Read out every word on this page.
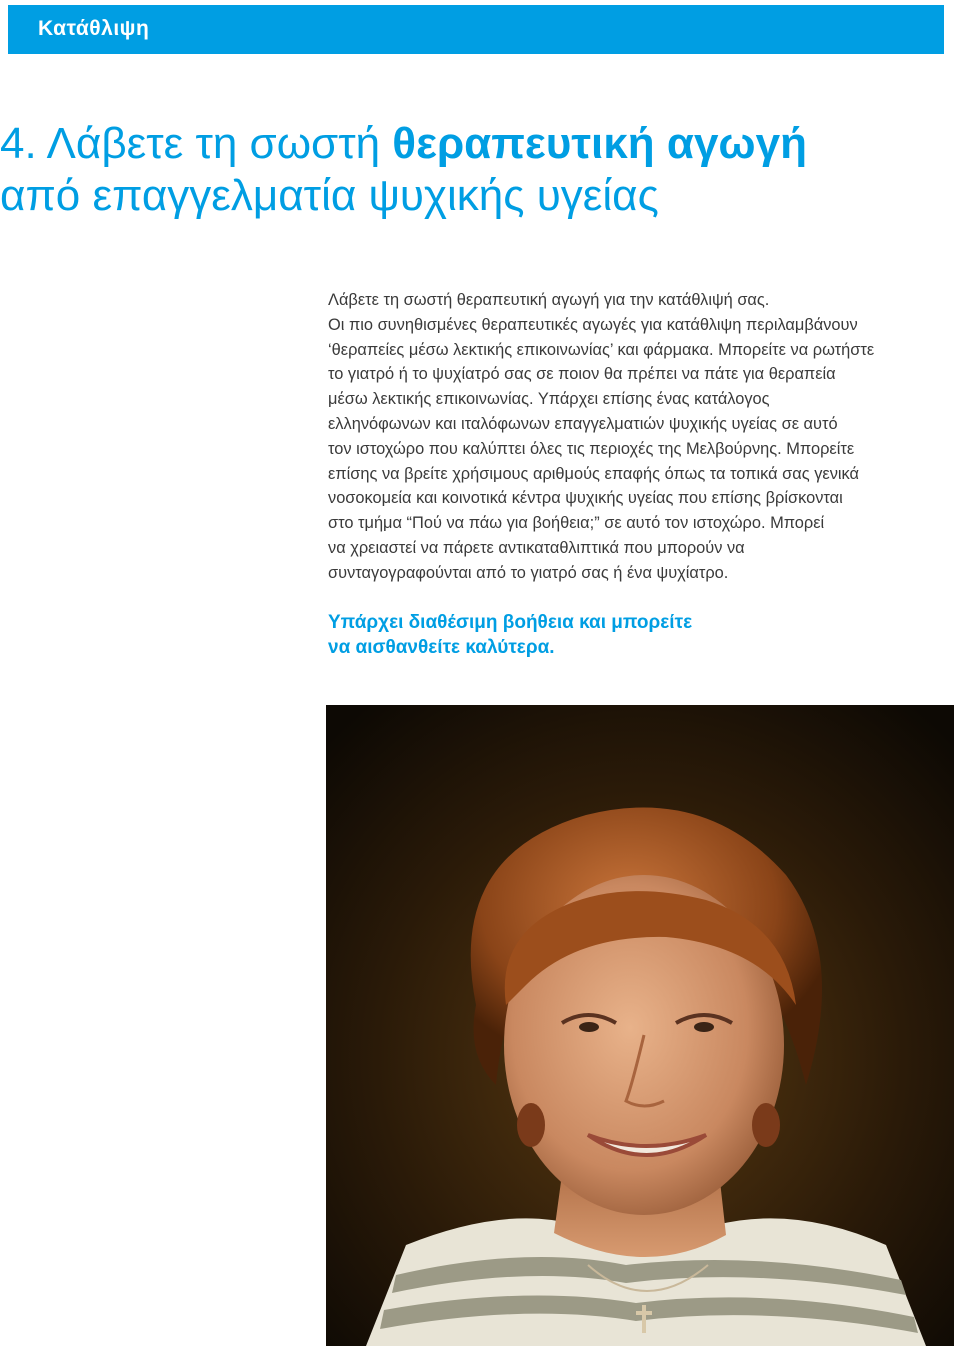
Κατάθλιψη
4. Λάβετε τη σωστή θεραπευτική αγωγή
από επαγγελματία ψυχικής υγείας

Λάβετε τη σωστή θεραπευτική αγωγή για την κατάθλιψή σας.
Οι πιο συνηθισμένες θεραπευτικές αγωγές για κατάθλιψη περιλαμβάνουν
‘θεραπείες μέσω λεκτικής επικοινωνίας’ και φάρμακα. Μπορείτε να ρωτήστε
το γιατρό ή το ψυχίατρό σας σε ποιον θα πρέπει να πάτε για θεραπεία
μέσω λεκτικής επικοινωνίας. Υπάρχει επίσης ένας κατάλογος
ελληνόφωνων και ιταλόφωνων επαγγελματιών ψυχικής υγείας σε αυτό
τον ιστοχώρο που καλύπτει όλες τις περιοχές της Μελβούρνης. Μπορείτε
επίσης να βρείτε χρήσιμους αριθμούς επαφής όπως τα τοπικά σας γενικά
νοσοκομεία και κοινοτικά κέντρα ψυχικής υγείας που επίσης βρίσκονται
στο τμήμα “Πού να πάω για βοήθεια;” σε αυτό τον ιστοχώρο. Μπορεί
να χρειαστεί να πάρετε αντικαταθλιπτικά που μπορούν να
συνταγογραφούνται από το γιατρό σας ή ένα ψυχίατρο.

Υπάρχει διαθέσιμη βοήθεια και μπορείτε
να αισθανθείτε καλύτερα.
